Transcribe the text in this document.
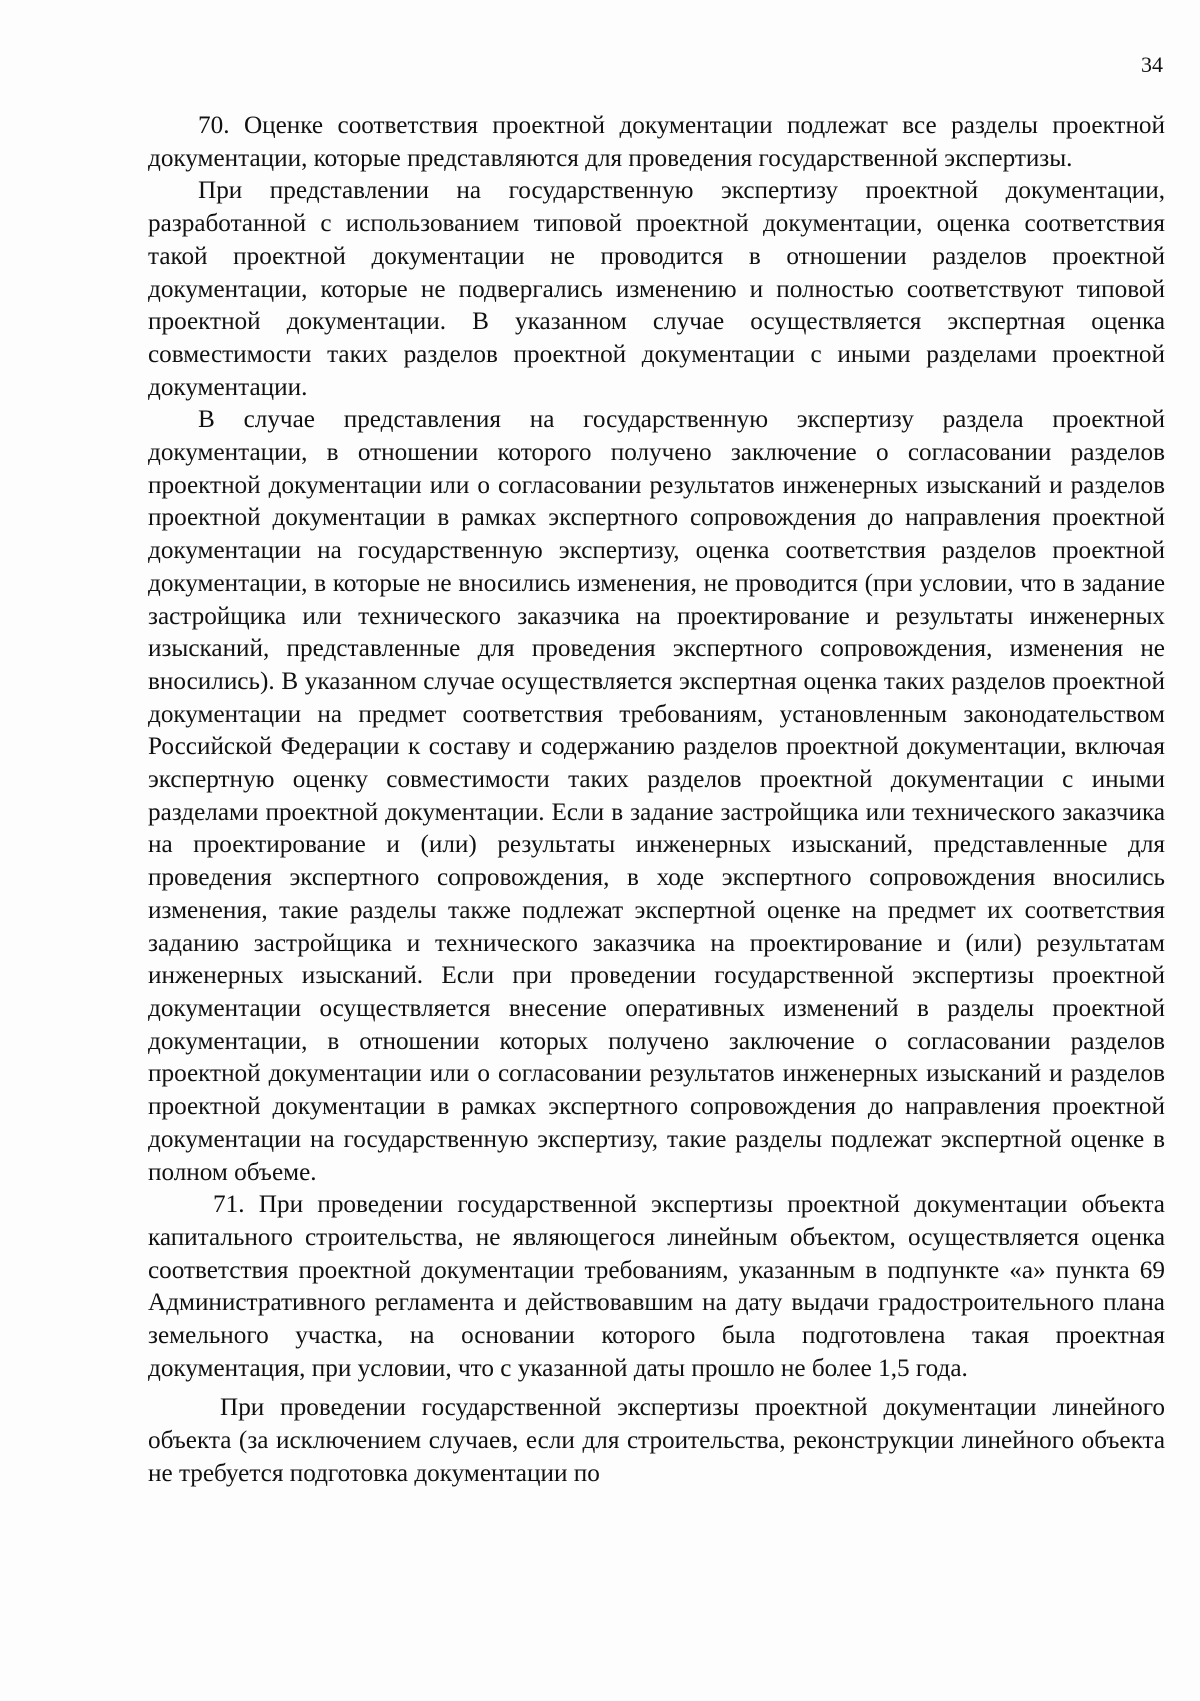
34

70. Оценке соответствия проектной документации подлежат все разделы проектной документации, которые представляются для проведения государственной экспертизы.

При представлении на государственную экспертизу проектной документации, разработанной с использованием типовой проектной документации, оценка соответствия такой проектной документации не проводится в отношении разделов проектной документации, которые не подвергались изменению и полностью соответствуют типовой проектной документации. В указанном случае осуществляется экспертная оценка совместимости таких разделов проектной документации с иными разделами проектной документации.

В случае представления на государственную экспертизу раздела проектной документации, в отношении которого получено заключение о согласовании разделов проектной документации или о согласовании результатов инженерных изысканий и разделов проектной документации в рамках экспертного сопровождения до направления проектной документации на государственную экспертизу, оценка соответствия разделов проектной документации, в которые не вносились изменения, не проводится (при условии, что в задание застройщика или технического заказчика на проектирование и результаты инженерных изысканий, представленные для проведения экспертного сопровождения, изменения не вносились). В указанном случае осуществляется экспертная оценка таких разделов проектной документации на предмет соответствия требованиям, установленным законодательством Российской Федерации к составу и содержанию разделов проектной документации, включая экспертную оценку совместимости таких разделов проектной документации с иными разделами проектной документации. Если в задание застройщика или технического заказчика на проектирование и (или) результаты инженерных изысканий, представленные для проведения экспертного сопровождения, в ходе экспертного сопровождения вносились изменения, такие разделы также подлежат экспертной оценке на предмет их соответствия заданию застройщика и технического заказчика на проектирование и (или) результатам инженерных изысканий. Если при проведении государственной экспертизы проектной документации осуществляется внесение оперативных изменений в разделы проектной документации, в отношении которых получено заключение о согласовании разделов проектной документации или о согласовании результатов инженерных изысканий и разделов проектной документации в рамках экспертного сопровождения до направления проектной документации на государственную экспертизу, такие разделы подлежат экспертной оценке в полном объеме.

71. При проведении государственной экспертизы проектной документации объекта капитального строительства, не являющегося линейным объектом, осуществляется оценка соответствия проектной документации требованиям, указанным в подпункте «а» пункта 69 Административного регламента и действовавшим на дату выдачи градостроительного плана земельного участка, на основании которого была подготовлена такая проектная документация, при условии, что с указанной даты прошло не более 1,5 года.

При проведении государственной экспертизы проектной документации линейного объекта (за исключением случаев, если для строительства, реконструкции линейного объекта не требуется подготовка документации по
